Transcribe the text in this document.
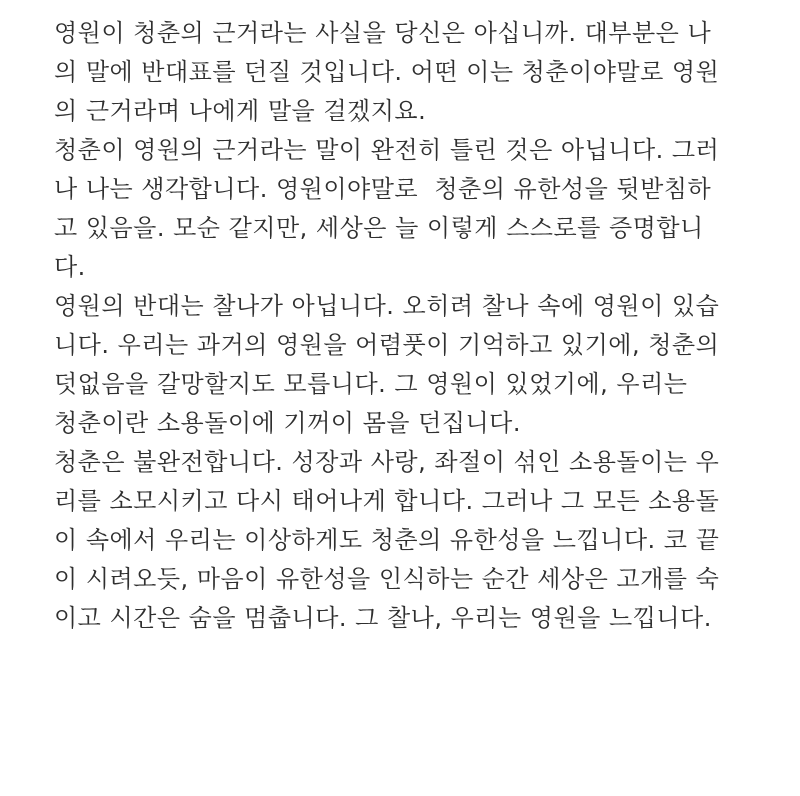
영원이 청춘의 근거라는 사실을 당신은 아십니까. 대부분은 나
의 말에 반대표를 던질 것입니다. 어떤 이는 청춘이야말로 영원
의 근거라며 나에게 말을 걸겠지요.
청춘이 영원의 근거라는 말이 완전히 틀린 것은 아닙니다. 그러
나 나는 생각합니다. 영원이야말로  청춘의 유한성을 뒷받침하
고 있음을. 모순 같지만, 세상은 늘 이렇게 스스로를 증명합니
다.
영원의 반대는 찰나가 아닙니다. 오히려 찰나 속에 영원이 있습
니다. 우리는 과거의 영원을 어렴풋이 기억하고 있기에, 청춘의
덧없음을 갈망할지도 모릅니다. 그 영원이 있었기에, 우리는
청춘이란 소용돌이에 기꺼이 몸을 던집니다.
청춘은 불완전합니다. 성장과 사랑, 좌절이 섞인 소용돌이는 우
리를 소모시키고 다시 태어나게 합니다. 그러나 그 모든 소용돌
이 속에서 우리는 이상하게도 청춘의 유한성을 느낍니다. 코 끝
이 시려오듯, 마음이 유한성을 인식하는 순간 세상은 고개를 숙
이고 시간은 숨을 멈춥니다. 그 찰나, 우리는 영원을 느낍니다.
